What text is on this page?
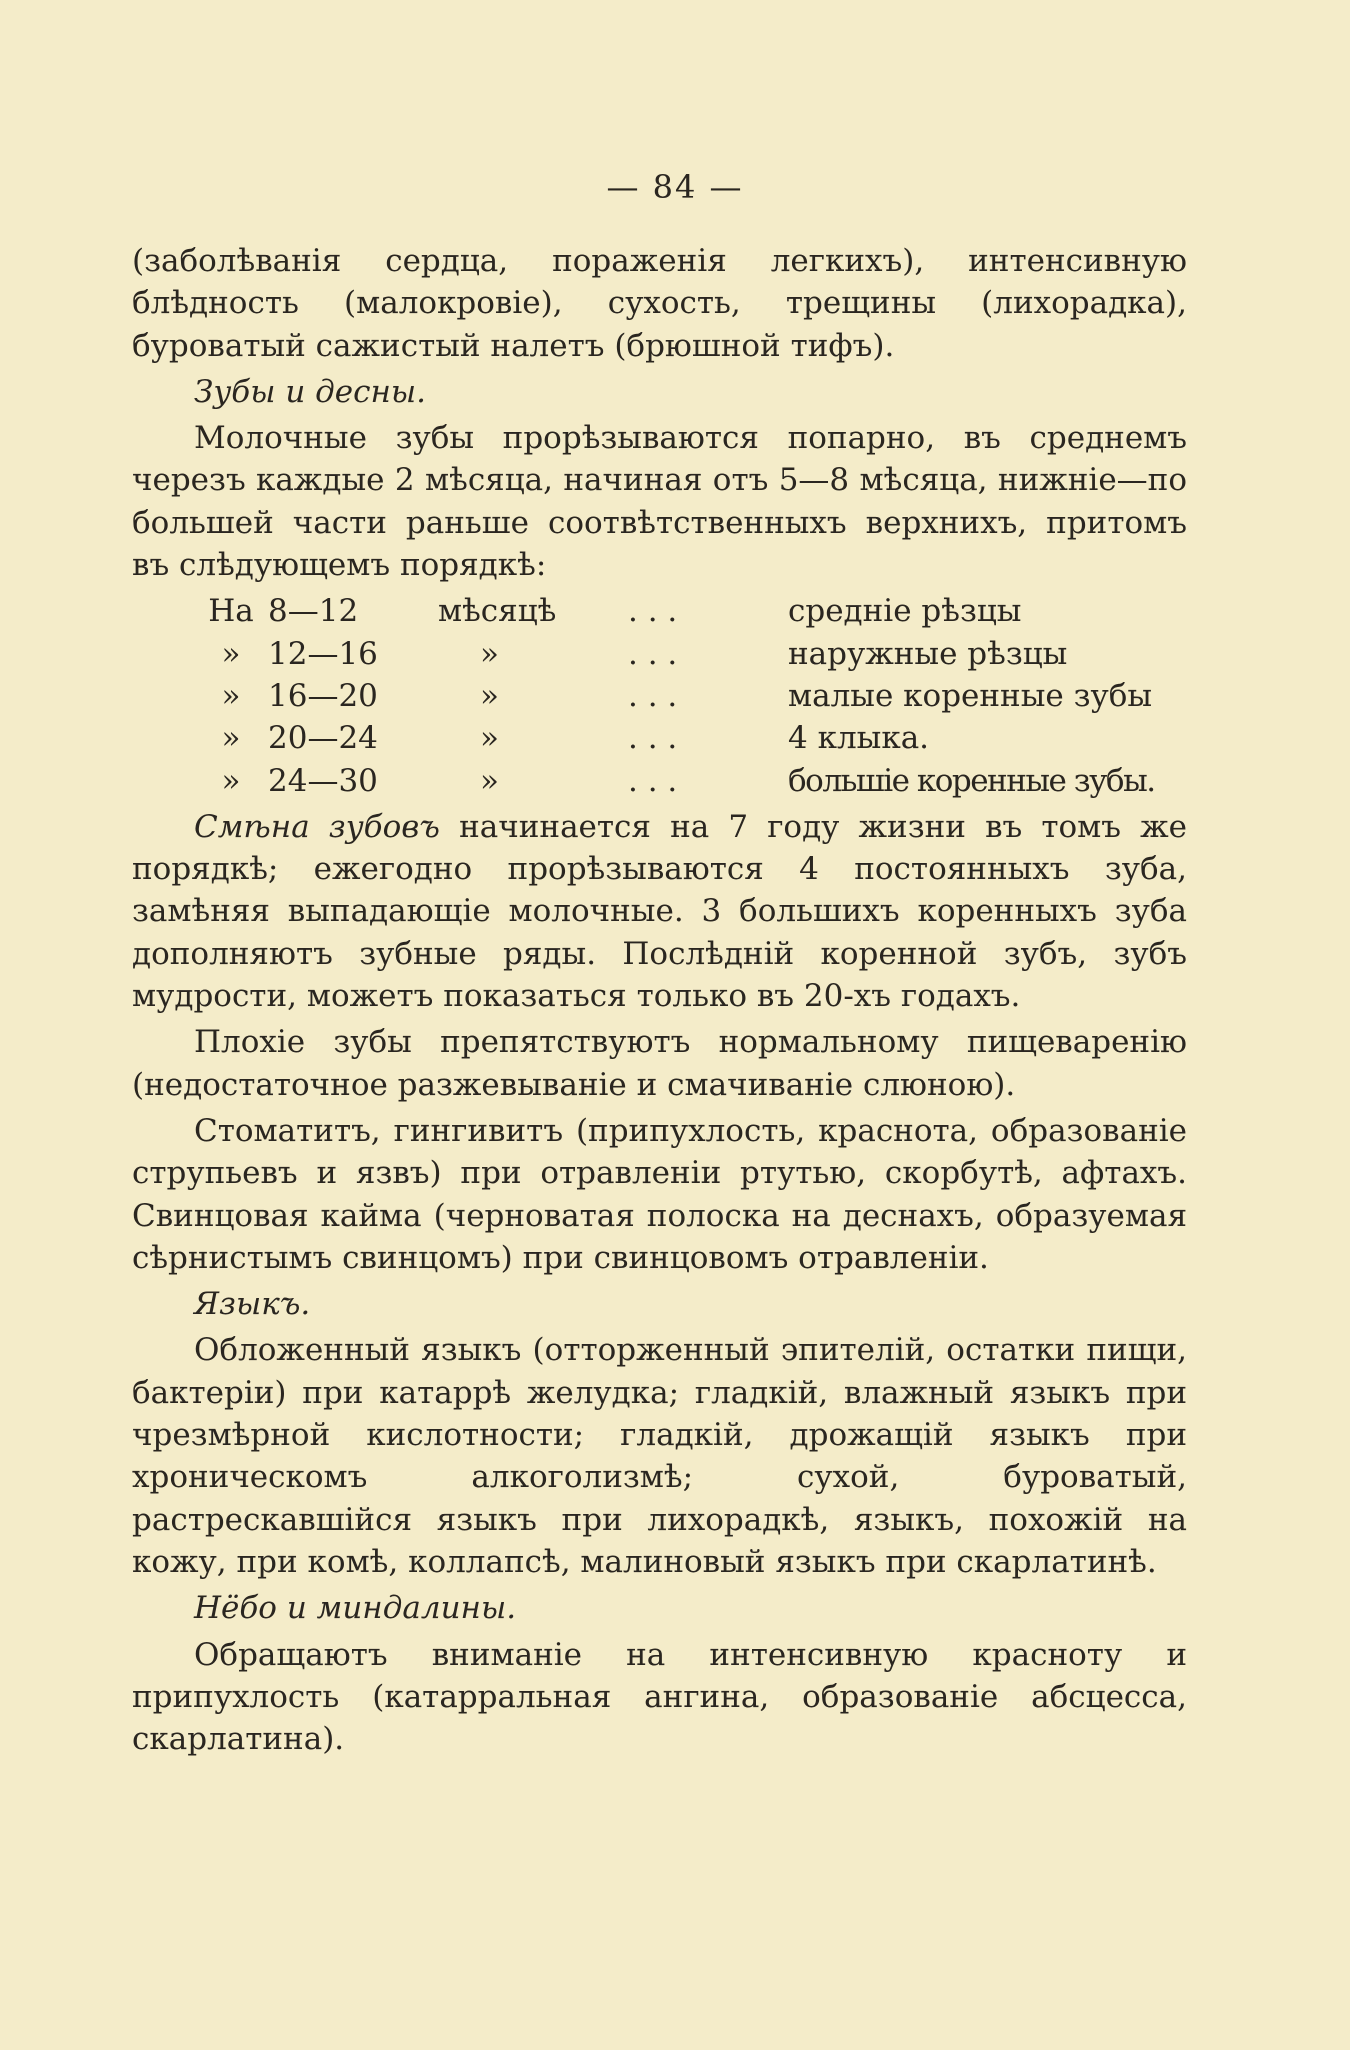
— 84 —

(заболѣванія сердца, пораженія легкихъ), интенсивную блѣдность (малокровіе), сухость, трещины (лихорадка), буроватый сажистый налетъ (брюшной тифъ).

Зубы и десны.

Молочные зубы прорѣзываются попарно, въ среднемъ черезъ каждые 2 мѣсяца, начиная отъ 5—8 мѣсяца, нижніе—по большей части раньше соотвѣтственныхъ верхнихъ, притомъ въ слѣдующемъ порядкѣ:

На 8—12	мѣсяцѣ	. . .	средніе рѣзцы
» 12—16	»	. . .	наружные рѣзцы
» 16—20	»	. . .	малые коренные зубы
» 20—24	»	. . .	4 клыка.
» 24—30	»	. . .	большіе коренные зубы.

Смѣна зубовъ начинается на 7 году жизни въ томъ же порядкѣ; ежегодно прорѣзываются 4 постоянныхъ зуба, замѣняя выпадающіе молочные. 3 большихъ коренныхъ зуба дополняютъ зубные ряды. Послѣдній коренной зубъ, зубъ мудрости, можетъ показаться только въ 20-хъ годахъ.

Плохіе зубы препятствуютъ нормальному пищеваренію (недостаточное разжевываніе и смачиваніе слюною).

Стоматитъ, гингивитъ (припухлость, краснота, образованіе струпьевъ и язвъ) при отравленіи ртутью, скорбутѣ, афтахъ. Свинцовая кайма (черноватая полоска на деснахъ, образуемая сѣрнистымъ свинцомъ) при свинцовомъ отравленіи.

Языкъ.

Обложенный языкъ (отторженный эпителій, остатки пищи, бактеріи) при катаррѣ желудка; гладкій, влажный языкъ при чрезмѣрной кислотности; гладкій, дрожащій языкъ при хроническомъ алкоголизмѣ; сухой, буроватый, растрескавшійся языкъ при лихорадкѣ, языкъ, похожій на кожу, при комѣ, коллапсѣ, малиновый языкъ при скарлатинѣ.

Нёбо и миндалины.

Обращаютъ вниманіе на интенсивную красноту и припухлость (катарральная ангина, образованіе абсцесса, скарлатина).
